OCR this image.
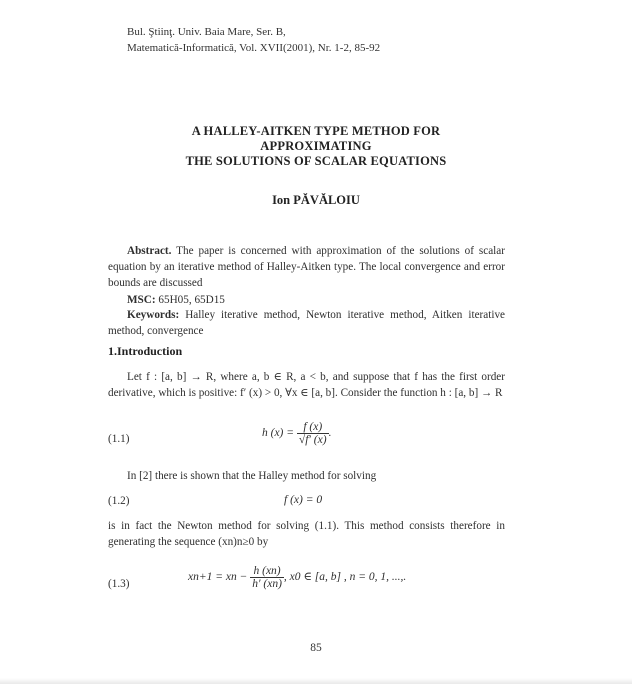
Bul. Ştiinţ. Univ. Baia Mare, Ser. B,
Matematică-Informatică, Vol. XVII(2001), Nr. 1-2, 85-92
A HALLEY-AITKEN TYPE METHOD FOR
APPROXIMATING
THE SOLUTIONS OF SCALAR EQUATIONS
Ion PĂVĂLOIU
Abstract. The paper is concerned with approximation of the solutions of scalar equation by an iterative method of Halley-Aitken type. The local convergence and error bounds are discussed
MSC: 65H05, 65D15
Keywords: Halley iterative method, Newton iterative method, Aitken iterative method, convergence
1.Introduction
Let f : [a, b] → R, where a, b ∈ R, a < b, and suppose that f has the first order derivative, which is positive: f′ (x) > 0, ∀x ∈ [a, b]. Consider the function h : [a, b] → R
(1.1)	h $(x) = \frac{f (x)}{√f' (x)}$ .
In [2] there is shown that the Halley method for solving
(1.2)	f (x) = 0
is in fact the Newton method for solving (1.1). This method consists therefore in generating the sequence (xn)n≥0 by
(1.3)
xn+1 = xn − $\frac{h (xn)}{h' (xn)}$ , x0 ∈ [a, b] , n = 0, 1, ...,.
85
